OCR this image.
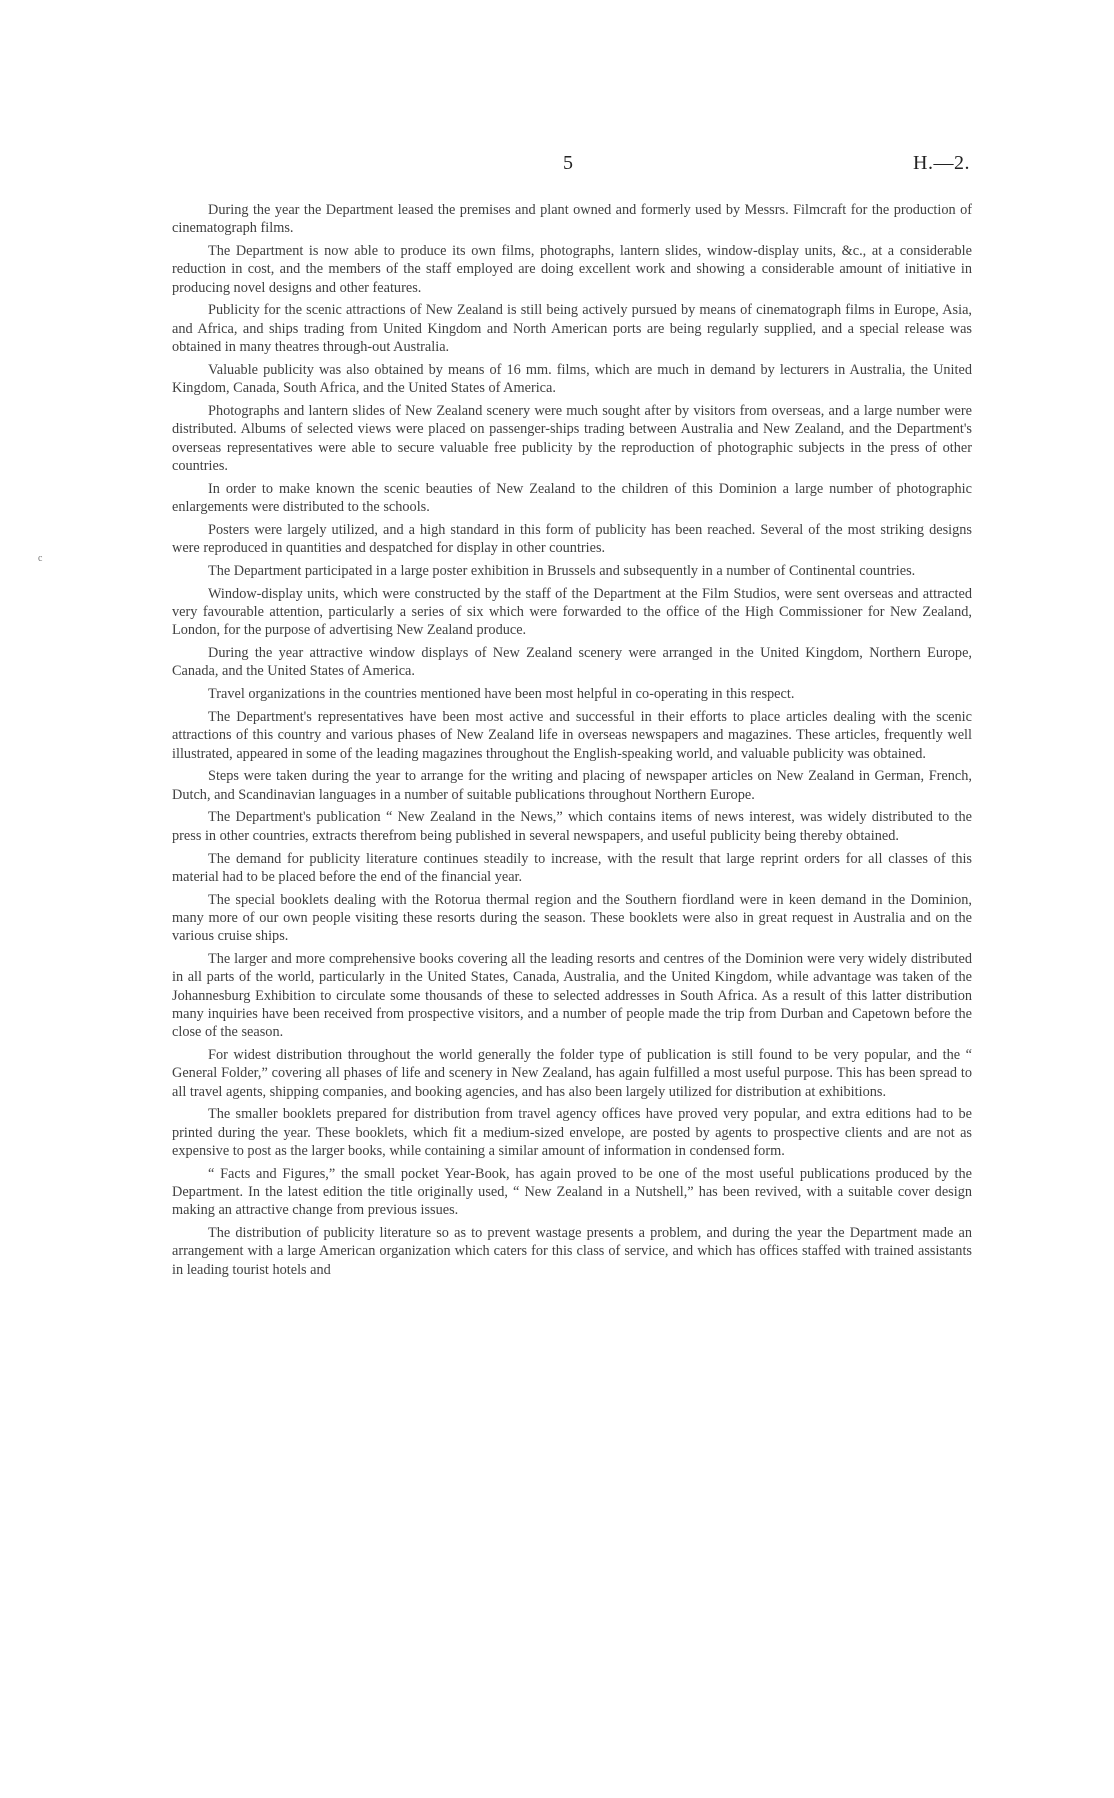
5	H.—2.
c

During the year the Department leased the premises and plant owned and formerly used by Messrs. Filmcraft for the production of cinematograph films.

The Department is now able to produce its own films, photographs, lantern slides, window-display units, &c., at a considerable reduction in cost, and the members of the staff employed are doing excellent work and showing a considerable amount of initiative in producing novel designs and other features.

Publicity for the scenic attractions of New Zealand is still being actively pursued by means of cinematograph films in Europe, Asia, and Africa, and ships trading from United Kingdom and North American ports are being regularly supplied, and a special release was obtained in many theatres through-out Australia.

Valuable publicity was also obtained by means of 16 mm. films, which are much in demand by lecturers in Australia, the United Kingdom, Canada, South Africa, and the United States of America.

Photographs and lantern slides of New Zealand scenery were much sought after by visitors from overseas, and a large number were distributed. Albums of selected views were placed on passenger-ships trading between Australia and New Zealand, and the Department's overseas representatives were able to secure valuable free publicity by the reproduction of photographic subjects in the press of other countries.

In order to make known the scenic beauties of New Zealand to the children of this Dominion a large number of photographic enlargements were distributed to the schools.

Posters were largely utilized, and a high standard in this form of publicity has been reached. Several of the most striking designs were reproduced in quantities and despatched for display in other countries.

The Department participated in a large poster exhibition in Brussels and subsequently in a number of Continental countries.

Window-display units, which were constructed by the staff of the Department at the Film Studios, were sent overseas and attracted very favourable attention, particularly a series of six which were forwarded to the office of the High Commissioner for New Zealand, London, for the purpose of advertising New Zealand produce.

During the year attractive window displays of New Zealand scenery were arranged in the United Kingdom, Northern Europe, Canada, and the United States of America.

Travel organizations in the countries mentioned have been most helpful in co-operating in this respect.

The Department's representatives have been most active and successful in their efforts to place articles dealing with the scenic attractions of this country and various phases of New Zealand life in overseas newspapers and magazines. These articles, frequently well illustrated, appeared in some of the leading magazines throughout the English-speaking world, and valuable publicity was obtained.

Steps were taken during the year to arrange for the writing and placing of newspaper articles on New Zealand in German, French, Dutch, and Scandinavian languages in a number of suitable publications throughout Northern Europe.

The Department's publication “ New Zealand in the News,” which contains items of news interest, was widely distributed to the press in other countries, extracts therefrom being published in several newspapers, and useful publicity being thereby obtained.

The demand for publicity literature continues steadily to increase, with the result that large reprint orders for all classes of this material had to be placed before the end of the financial year.

The special booklets dealing with the Rotorua thermal region and the Southern fiordland were in keen demand in the Dominion, many more of our own people visiting these resorts during the season. These booklets were also in great request in Australia and on the various cruise ships.

The larger and more comprehensive books covering all the leading resorts and centres of the Dominion were very widely distributed in all parts of the world, particularly in the United States, Canada, Australia, and the United Kingdom, while advantage was taken of the Johannesburg Exhibition to circulate some thousands of these to selected addresses in South Africa. As a result of this latter distribution many inquiries have been received from prospective visitors, and a number of people made the trip from Durban and Capetown before the close of the season.

For widest distribution throughout the world generally the folder type of publication is still found to be very popular, and the “ General Folder,” covering all phases of life and scenery in New Zealand, has again fulfilled a most useful purpose. This has been spread to all travel agents, shipping companies, and booking agencies, and has also been largely utilized for distribution at exhibitions.

The smaller booklets prepared for distribution from travel agency offices have proved very popular, and extra editions had to be printed during the year. These booklets, which fit a medium-sized envelope, are posted by agents to prospective clients and are not as expensive to post as the larger books, while containing a similar amount of information in condensed form.

“ Facts and Figures,” the small pocket Year-Book, has again proved to be one of the most useful publications produced by the Department. In the latest edition the title originally used, “ New Zealand in a Nutshell,” has been revived, with a suitable cover design making an attractive change from previous issues.

The distribution of publicity literature so as to prevent wastage presents a problem, and during the year the Department made an arrangement with a large American organization which caters for this class of service, and which has offices staffed with trained assistants in leading tourist hotels and
